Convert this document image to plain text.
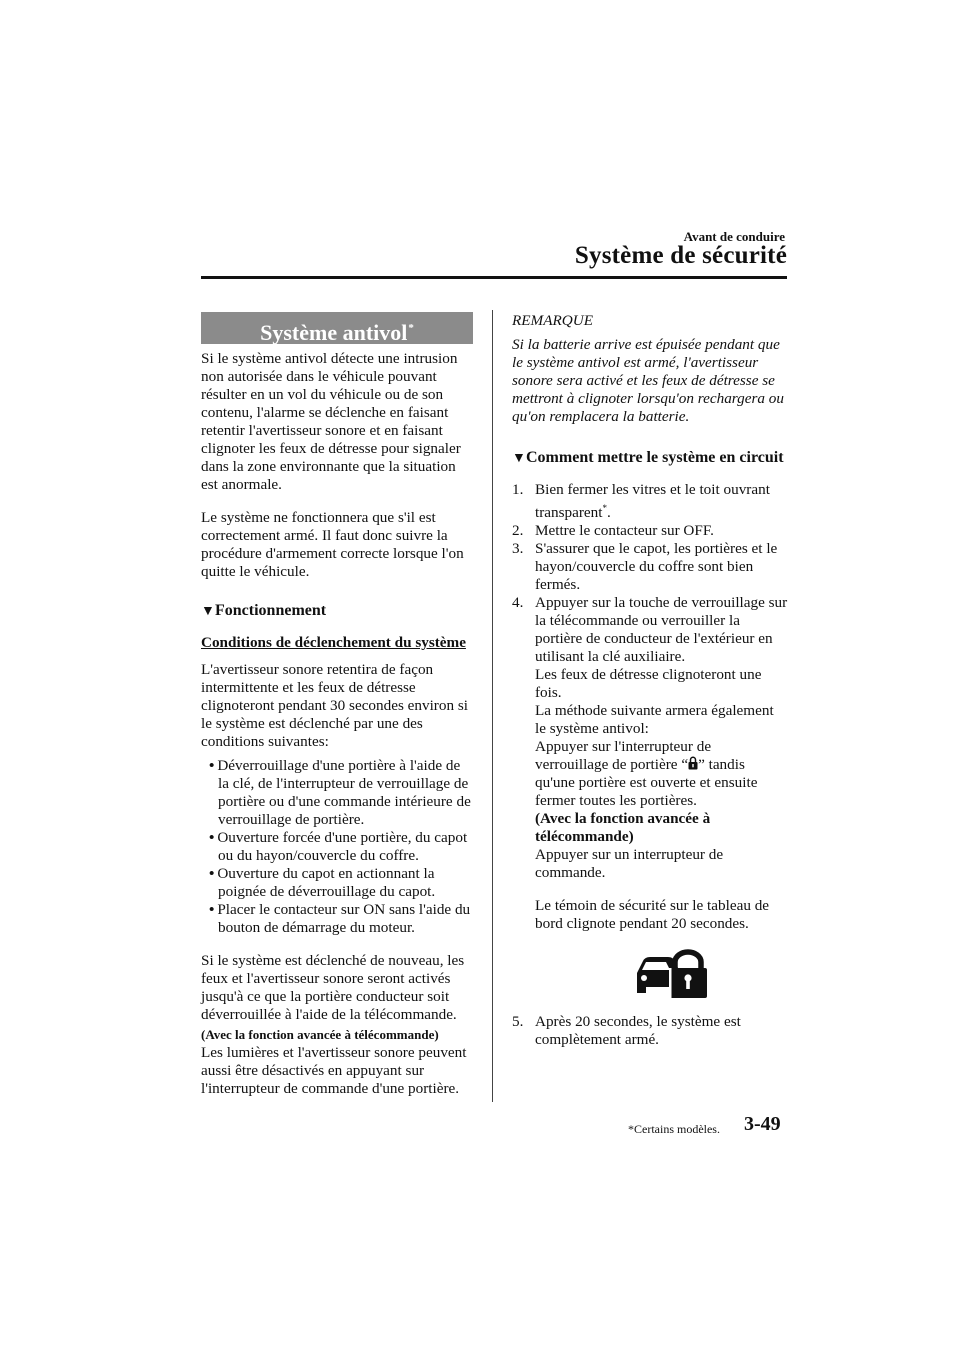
Avant de conduire
Système de sécurité
Système antivol*

Si le système antivol détecte une intrusion non autorisée dans le véhicule pouvant résulter en un vol du véhicule ou de son contenu, l'alarme se déclenche en faisant retentir l'avertisseur sonore et en faisant clignoter les feux de détresse pour signaler dans la zone environnante que la situation est anormale.

Le système ne fonctionnera que s'il est correctement armé. Il faut donc suivre la procédure d'armement correcte lorsque l'on quitte le véhicule.

▼Fonctionnement
Conditions de déclenchement du système

L'avertisseur sonore retentira de façon intermittente et les feux de détresse clignoteront pendant 30 secondes environ si le système est déclenché par une des conditions suivantes:

• Déverrouillage d'une portière à l'aide de la clé, de l'interrupteur de verrouillage de portière ou d'une commande intérieure de verrouillage de portière.
• Ouverture forcée d'une portière, du capot ou du hayon/couvercle du coffre.
• Ouverture du capot en actionnant la poignée de déverrouillage du capot.
• Placer le contacteur sur ON sans l'aide du bouton de démarrage du moteur.

Si le système est déclenché de nouveau, les feux et l'avertisseur sonore seront activés jusqu'à ce que la portière conducteur soit déverrouillée à l'aide de la télécommande.

(Avec la fonction avancée à télécommande)

Les lumières et l'avertisseur sonore peuvent aussi être désactivés en appuyant sur l'interrupteur de commande d'une portière.

REMARQUE

Si la batterie arrive est épuisée pendant que le système antivol est armé, l'avertisseur sonore sera activé et les feux de détresse se mettront à clignoter lorsqu'on rechargera ou qu'on remplacera la batterie.

▼Comment mettre le système en circuit
1. Bien fermer les vitres et le toit ouvrant transparent*.
2. Mettre le contacteur sur OFF.
3. S'assurer que le capot, les portières et le hayon/couvercle du coffre sont bien fermés.
4. Appuyer sur la touche de verrouillage sur la télécommande ou verrouiller la portière de conducteur de l'extérieur en utilisant la clé auxiliaire.
Les feux de détresse clignoteront une fois.
La méthode suivante armera également le système antivol:
Appuyer sur l'interrupteur de verrouillage de portière “ ” tandis qu'une portière est ouverte et ensuite fermer toutes les portières.
(Avec la fonction avancée à télécommande)
Appuyer sur un interrupteur de commande.
Le témoin de sécurité sur le tableau de bord clignote pendant 20 secondes.
5. Après 20 secondes, le système est complètement armé.
*Certains modèles. 3-49
